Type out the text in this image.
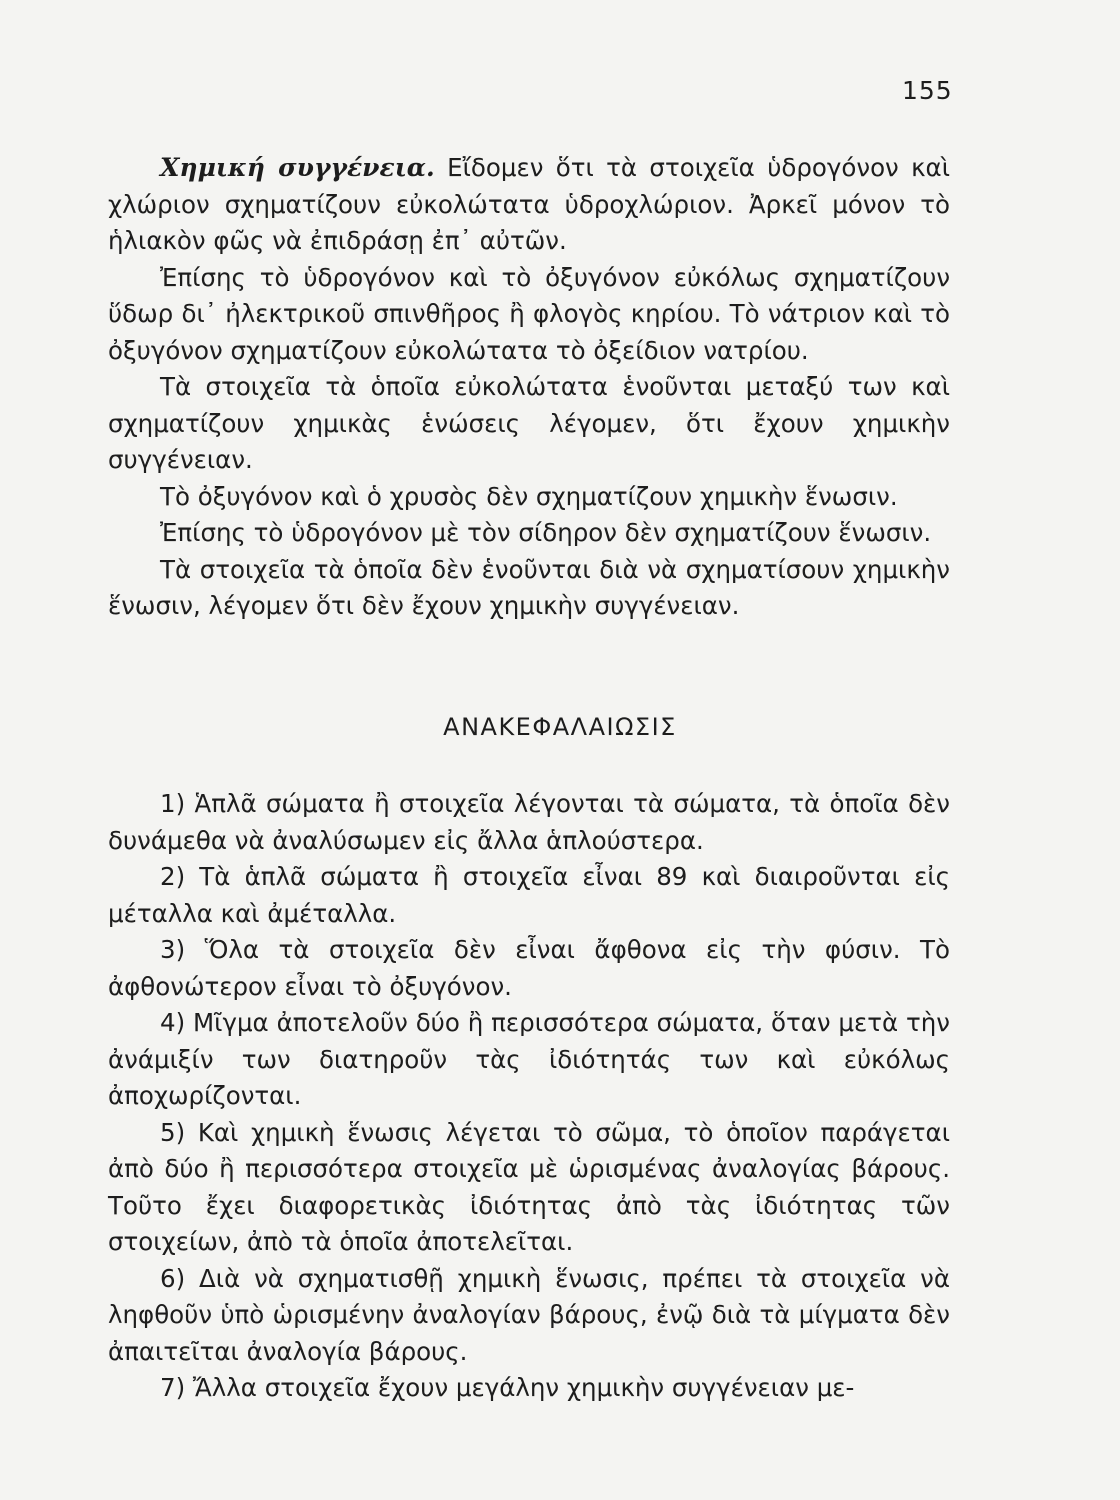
155

Χημική συγγένεια. Εἴδομεν ὅτι τὰ στοιχεῖα ὑδρογόνον καὶ χλώριον σχηματίζουν εὐκολώτατα ὑδροχλώριον. Ἀρκεῖ μόνον τὸ ἡλιακὸν φῶς νὰ ἐπιδράσῃ ἐπ᾿ αὐτῶν.

Ἐπίσης τὸ ὑδρογόνον καὶ τὸ ὀξυγόνον εὐκόλως σχηματίζουν ὕδωρ δι᾿ ἠλεκτρικοῦ σπινθῆρος ἢ φλογὸς κηρίου. Τὸ νάτριον καὶ τὸ ὀξυγόνον σχηματίζουν εὐκολώτατα τὸ ὀξείδιον νατρίου.

Τὰ στοιχεῖα τὰ ὁποῖα εὐκολώτατα ἑνοῦνται μεταξύ των καὶ σχηματίζουν χημικὰς ἑνώσεις λέγομεν, ὅτι ἔχουν χημικὴν συγγένειαν.

Τὸ ὀξυγόνον καὶ ὁ χρυσὸς δὲν σχηματίζουν χημικὴν ἕνωσιν.

Ἐπίσης τὸ ὑδρογόνον μὲ τὸν σίδηρον δὲν σχηματίζουν ἕνωσιν.

Τὰ στοιχεῖα τὰ ὁποῖα δὲν ἑνοῦνται διὰ νὰ σχηματίσουν χημικὴν ἕνωσιν, λέγομεν ὅτι δὲν ἔχουν χημικὴν συγγένειαν.

ΑΝΑΚΕΦΑΛΑΙΩΣΙΣ

1) Ἁπλᾶ σώματα ἢ στοιχεῖα λέγονται τὰ σώματα, τὰ ὁποῖα δὲν δυνάμεθα νὰ ἀναλύσωμεν εἰς ἄλλα ἁπλούστερα.

2) Τὰ ἁπλᾶ σώματα ἢ στοιχεῖα εἶναι 89 καὶ διαιροῦνται εἰς μέταλλα καὶ ἀμέταλλα.

3) Ὅλα τὰ στοιχεῖα δὲν εἶναι ἄφθονα εἰς τὴν φύσιν. Τὸ ἀφθονώτερον εἶναι τὸ ὀξυγόνον.

4) Μῖγμα ἀποτελοῦν δύο ἢ περισσότερα σώματα, ὅταν μετὰ τὴν ἀνάμιξίν των διατηροῦν τὰς ἰδιότητάς των καὶ εὐκόλως ἀποχωρίζονται.

5) Καὶ χημικὴ ἕνωσις λέγεται τὸ σῶμα, τὸ ὁποῖον παράγεται ἀπὸ δύο ἢ περισσότερα στοιχεῖα μὲ ὡρισμένας ἀναλογίας βάρους. Τοῦτο ἔχει διαφορετικὰς ἰδιότητας ἀπὸ τὰς ἰδιότητας τῶν στοιχείων, ἀπὸ τὰ ὁποῖα ἀποτελεῖται.

6) Διὰ νὰ σχηματισθῇ χημικὴ ἕνωσις, πρέπει τὰ στοιχεῖα νὰ ληφθοῦν ὑπὸ ὡρισμένην ἀναλογίαν βάρους, ἐνῷ διὰ τὰ μίγματα δὲν ἀπαιτεῖται ἀναλογία βάρους.

7) Ἄλλα στοιχεῖα ἔχουν μεγάλην χημικὴν συγγένειαν με-
